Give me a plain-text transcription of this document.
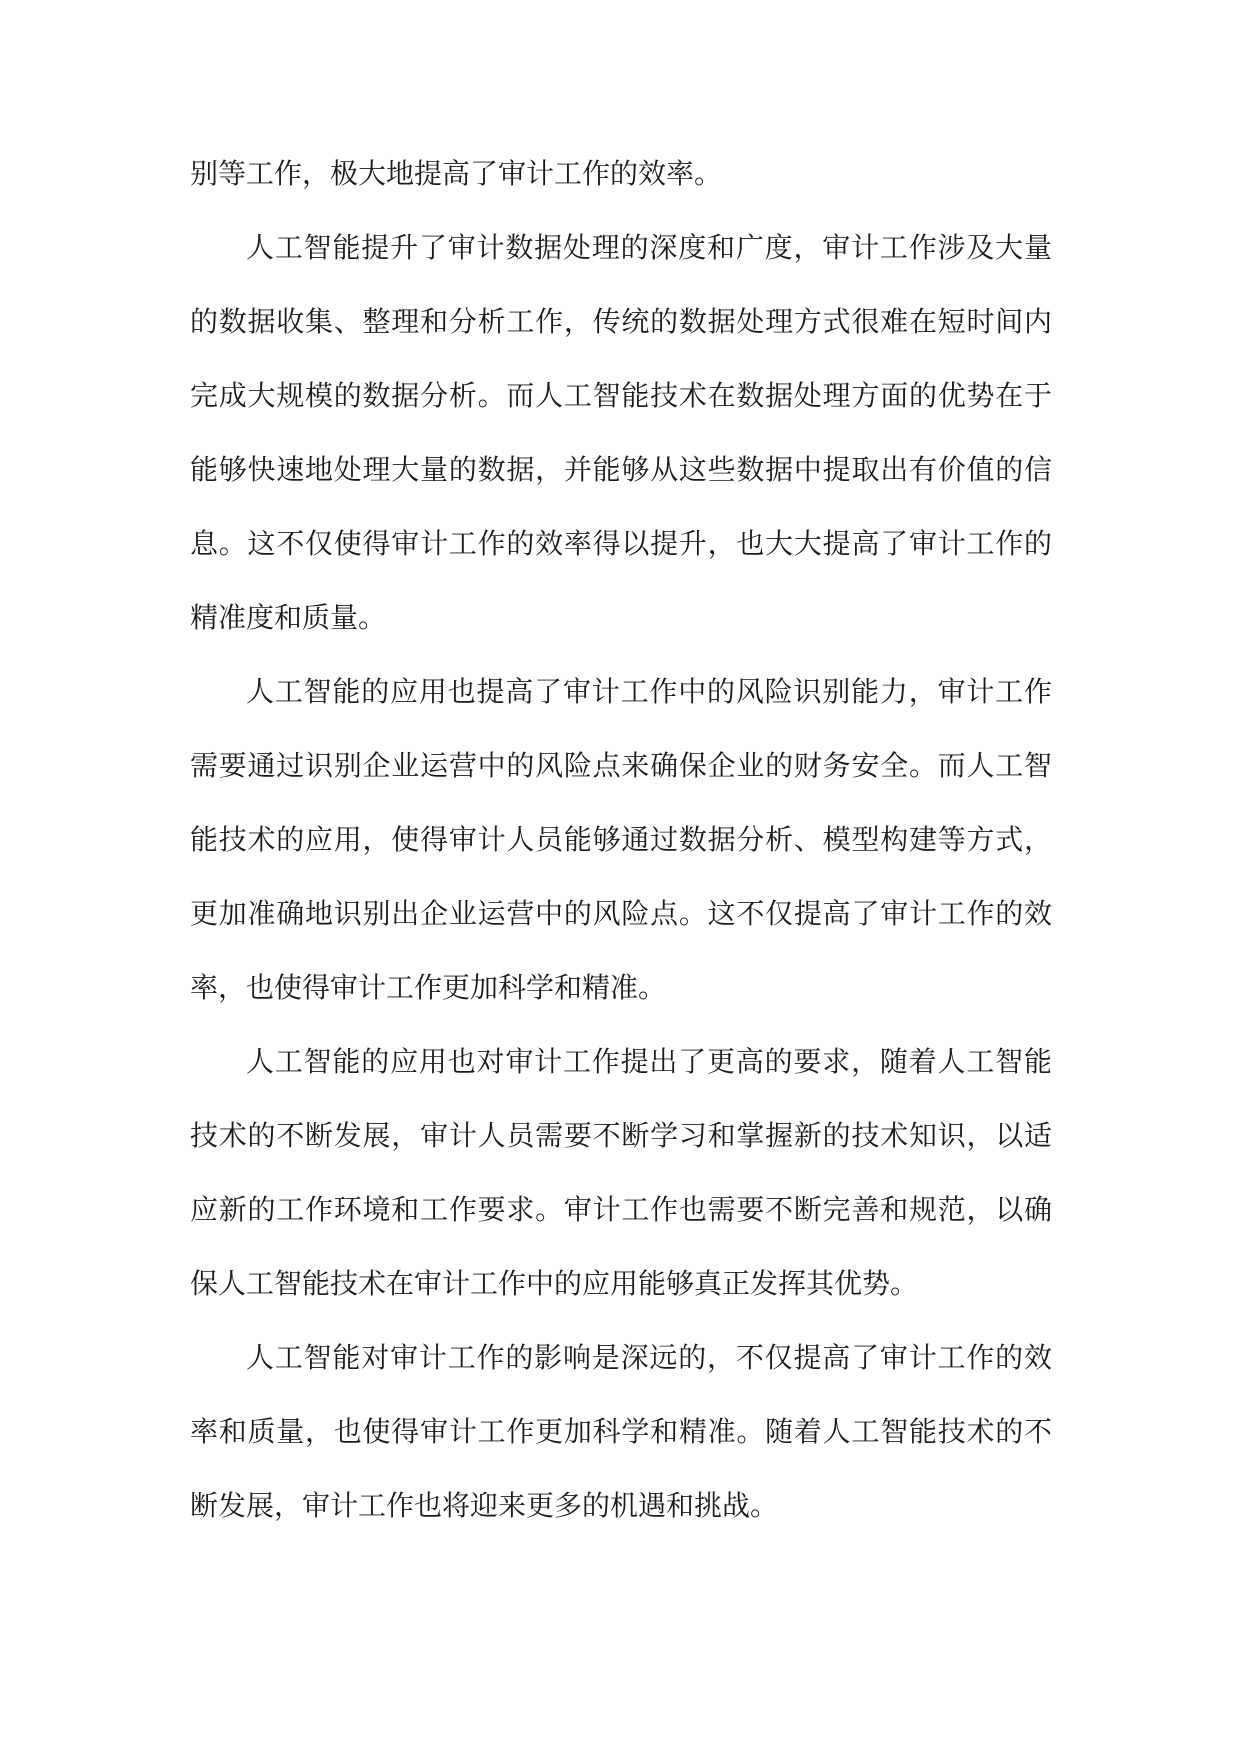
别等工作，极大地提高了审计工作的效率。
人工智能提升了审计数据处理的深度和广度，审计工作涉及大量
的数据收集、整理和分析工作，传统的数据处理方式很难在短时间内
完成大规模的数据分析。而人工智能技术在数据处理方面的优势在于
能够快速地处理大量的数据，并能够从这些数据中提取出有价值的信
息。这不仅使得审计工作的效率得以提升，也大大提高了审计工作的
精准度和质量。
人工智能的应用也提高了审计工作中的风险识别能力，审计工作
需要通过识别企业运营中的风险点来确保企业的财务安全。而人工智
能技术的应用，使得审计人员能够通过数据分析、模型构建等方式，
更加准确地识别出企业运营中的风险点。这不仅提高了审计工作的效
率，也使得审计工作更加科学和精准。
人工智能的应用也对审计工作提出了更高的要求，随着人工智能
技术的不断发展，审计人员需要不断学习和掌握新的技术知识，以适
应新的工作环境和工作要求。审计工作也需要不断完善和规范，以确
保人工智能技术在审计工作中的应用能够真正发挥其优势。
人工智能对审计工作的影响是深远的，不仅提高了审计工作的效
率和质量，也使得审计工作更加科学和精准。随着人工智能技术的不
断发展，审计工作也将迎来更多的机遇和挑战。
